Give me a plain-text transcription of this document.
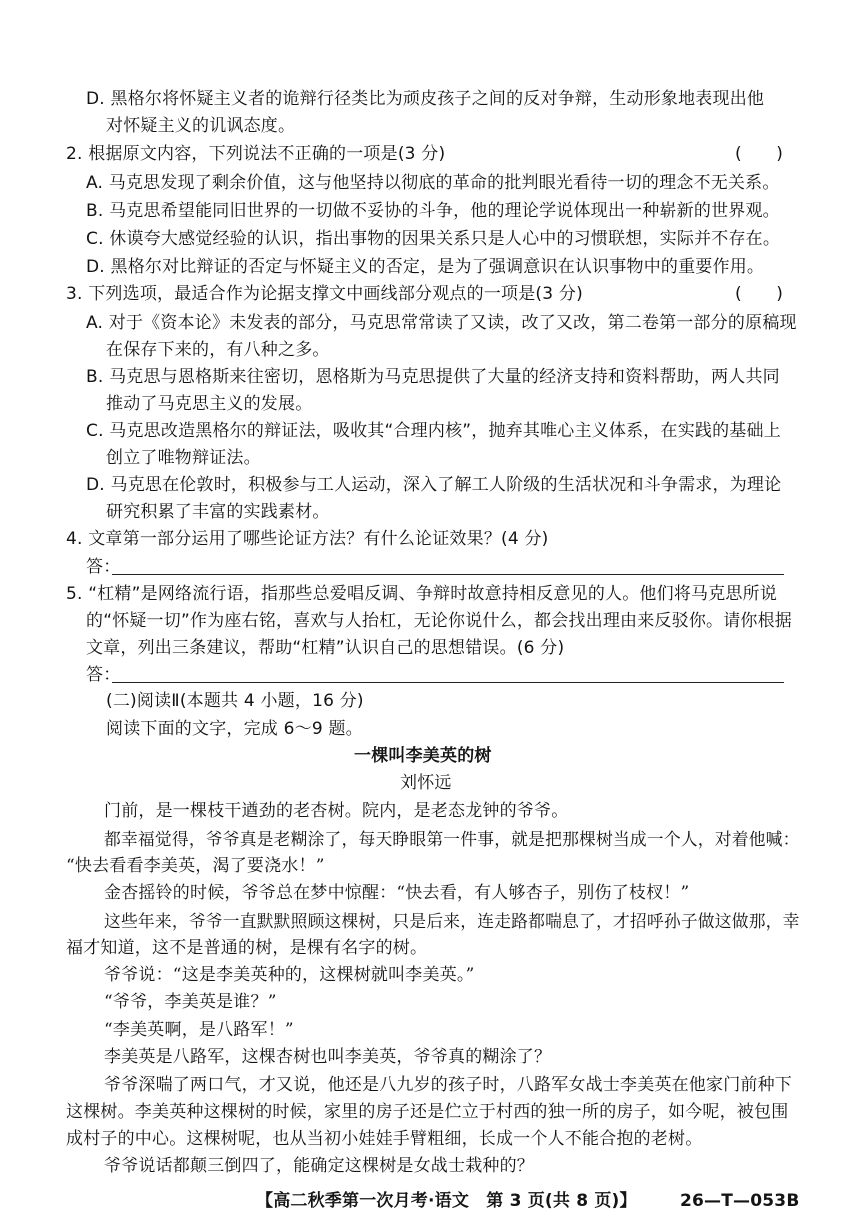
D. 黑格尔将怀疑主义者的诡辩行径类比为顽皮孩子之间的反对争辩，生动形象地表现出他
对怀疑主义的讥讽态度。
2. 根据原文内容，下列说法不正确的一项是(3 分)	(　　)
A. 马克思发现了剩余价值，这与他坚持以彻底的革命的批判眼光看待一切的理念不无关系。
B. 马克思希望能同旧世界的一切做不妥协的斗争，他的理论学说体现出一种崭新的世界观。
C. 休谟夸大感觉经验的认识，指出事物的因果关系只是人心中的习惯联想，实际并不存在。
D. 黑格尔对比辩证的否定与怀疑主义的否定，是为了强调意识在认识事物中的重要作用。
3. 下列选项，最适合作为论据支撑文中画线部分观点的一项是(3 分)	(　　)
A. 对于《资本论》未发表的部分，马克思常常读了又读，改了又改，第二卷第一部分的原稿现
在保存下来的，有八种之多。
B. 马克思与恩格斯来往密切，恩格斯为马克思提供了大量的经济支持和资料帮助，两人共同
推动了马克思主义的发展。
C. 马克思改造黑格尔的辩证法，吸收其“合理内核”，抛弃其唯心主义体系，在实践的基础上
创立了唯物辩证法。
D. 马克思在伦敦时，积极参与工人运动，深入了解工人阶级的生活状况和斗争需求，为理论
研究积累了丰富的实践素材。
4. 文章第一部分运用了哪些论证方法？有什么论证效果？(4 分)
答：
5. “杠精”是网络流行语，指那些总爱唱反调、争辩时故意持相反意见的人。他们将马克思所说
的“怀疑一切”作为座右铭，喜欢与人抬杠，无论你说什么，都会找出理由来反驳你。请你根据
文章，列出三条建议，帮助“杠精”认识自己的思想错误。(6 分)
答：
(二)阅读Ⅱ(本题共 4 小题，16 分)
阅读下面的文字，完成 6～9 题。
一棵叫李美英的树
刘怀远
门前，是一棵枝干遒劲的老杏树。院内，是老态龙钟的爷爷。
都幸福觉得，爷爷真是老糊涂了，每天睁眼第一件事，就是把那棵树当成一个人，对着他喊：
“快去看看李美英，渴了要浇水！”
金杏摇铃的时候，爷爷总在梦中惊醒：“快去看，有人够杏子，别伤了枝杈！”
这些年来，爷爷一直默默照顾这棵树，只是后来，连走路都喘息了，才招呼孙子做这做那，幸
福才知道，这不是普通的树，是棵有名字的树。
爷爷说：“这是李美英种的，这棵树就叫李美英。”
“爷爷，李美英是谁？”
“李美英啊，是八路军！”
李美英是八路军，这棵杏树也叫李美英，爷爷真的糊涂了？
爷爷深喘了两口气，才又说，他还是八九岁的孩子时，八路军女战士李美英在他家门前种下
这棵树。李美英种这棵树的时候，家里的房子还是伫立于村西的独一所的房子，如今呢，被包围
成村子的中心。这棵树呢，也从当初小娃娃手臂粗细，长成一个人不能合抱的老树。
爷爷说话都颠三倒四了，能确定这棵树是女战士栽种的？
【高二秋季第一次月考·语文　第 3 页(共 8 页)】	26—T—053B
